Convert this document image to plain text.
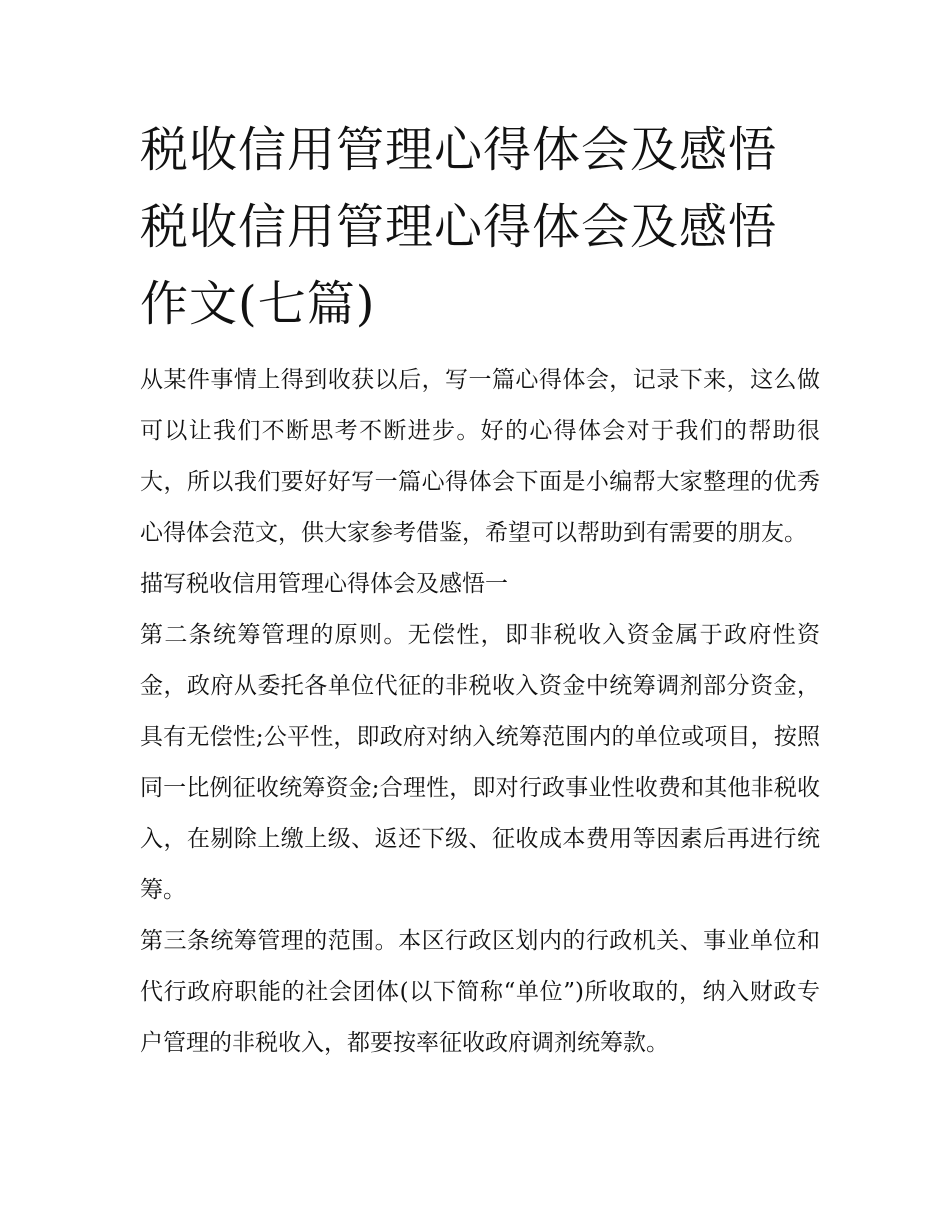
税收信用管理心得体会及感悟
税收信用管理心得体会及感悟
作文(七篇)

从某件事情上得到收获以后，写一篇心得体会，记录下来，这么做可以让我们不断思考不断进步。好的心得体会对于我们的帮助很大，所以我们要好好写一篇心得体会下面是小编帮大家整理的优秀心得体会范文，供大家参考借鉴，希望可以帮助到有需要的朋友。

描写税收信用管理心得体会及感悟一

第二条统筹管理的原则。无偿性，即非税收入资金属于政府性资金，政府从委托各单位代征的非税收入资金中统筹调剂部分资金，具有无偿性;公平性，即政府对纳入统筹范围内的单位或项目，按照同一比例征收统筹资金;合理性，即对行政事业性收费和其他非税收入，在剔除上缴上级、返还下级、征收成本费用等因素后再进行统筹。

第三条统筹管理的范围。本区行政区划内的行政机关、事业单位和代行政府职能的社会团体(以下简称“单位”)所收取的，纳入财政专户管理的非税收入，都要按率征收政府调剂统筹款。
